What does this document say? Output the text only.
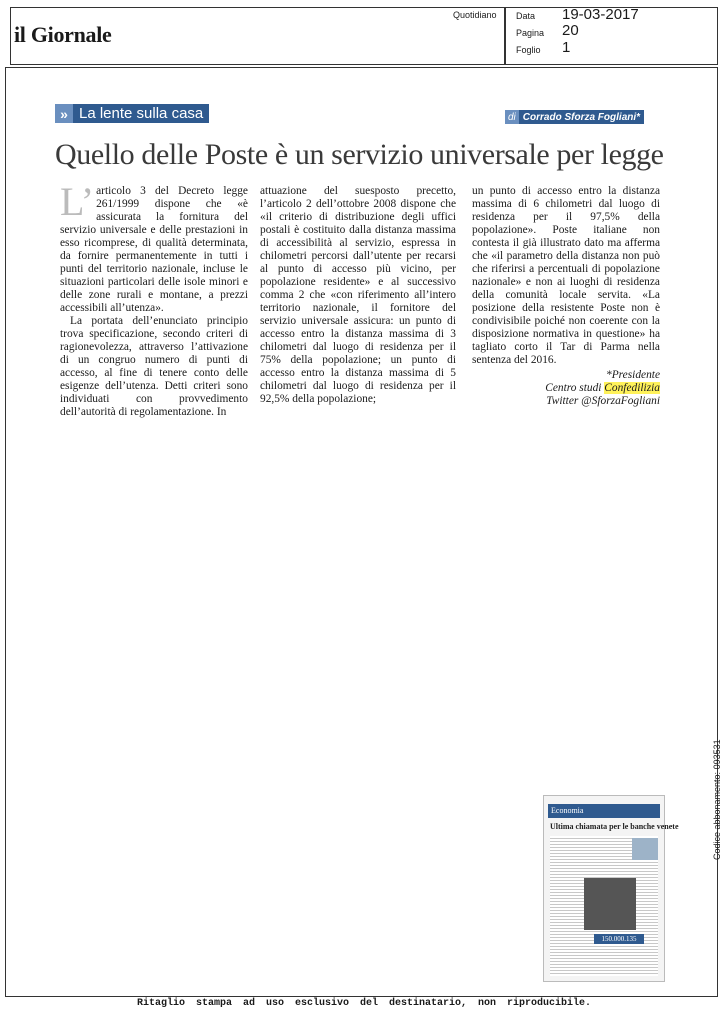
il Giornale
Quotidiano Data 19-03-2017
Pagina 20
Foglio 1
» La lente sulla casa	di Corrado Sforza Fogliani*
Quello delle Poste è un servizio universale per legge

L’ articolo 3 del Decreto legge 261/1999 dispone che «è assicurata la fornitura del servizio universale e delle prestazioni in esso ricomprese, di qualità determinata, da fornire permanentemente in tutti i punti del territorio nazionale, incluse le situazioni particolari delle isole minori e delle zone rurali e montane, a prezzi accessibili all’utenza».

La portata dell’enunciato principio trova specificazione, secondo criteri di ragionevolezza, attraverso l’attivazione di un congruo numero di punti di accesso, al fine di tenere conto delle esigenze dell’utenza. Detti criteri sono individuati con provvedimento dell’autorità di regolamentazione. In

attuazione del suesposto precetto, l’articolo 2 dell’ottobre 2008 dispone che «il criterio di distribuzione degli uffici postali è costituito dalla distanza massima di accessibilità al servizio, espressa in chilometri percorsi dall’utente per recarsi al punto di accesso più vicino, per popolazione residente» e al successivo comma 2 che «con riferimento all’intero territorio nazionale, il fornitore del servizio universale assicura: un punto di accesso entro la distanza massima di 3 chilometri dal luogo di residenza per il 75% della popolazione; un punto di accesso entro la distanza massima di 5 chilometri dal luogo di residenza per il 92,5% della popolazione;

un punto di accesso entro la distanza massima di 6 chilometri dal luogo di residenza per il 97,5% della popolazione». Poste italiane non contesta il già illustrato dato ma afferma che «il parametro della distanza non può che riferirsi a percentuali di popolazione nazionale» e non ai luoghi di residenza della comunità locale servita. «La posizione della resistente Poste non è condivisibile poiché non coerente con la disposizione normativa in questione» ha tagliato corto il Tar di Parma nella sentenza del 2016.

*Presidente
Centro studi Confedilizia
Twitter @SforzaFogliani
Economia
Ultima chiamata per le banche venete
150.000.135
Codice abbonamento: 093531
Ritaglio stampa ad uso esclusivo del destinatario, non riproducibile.
